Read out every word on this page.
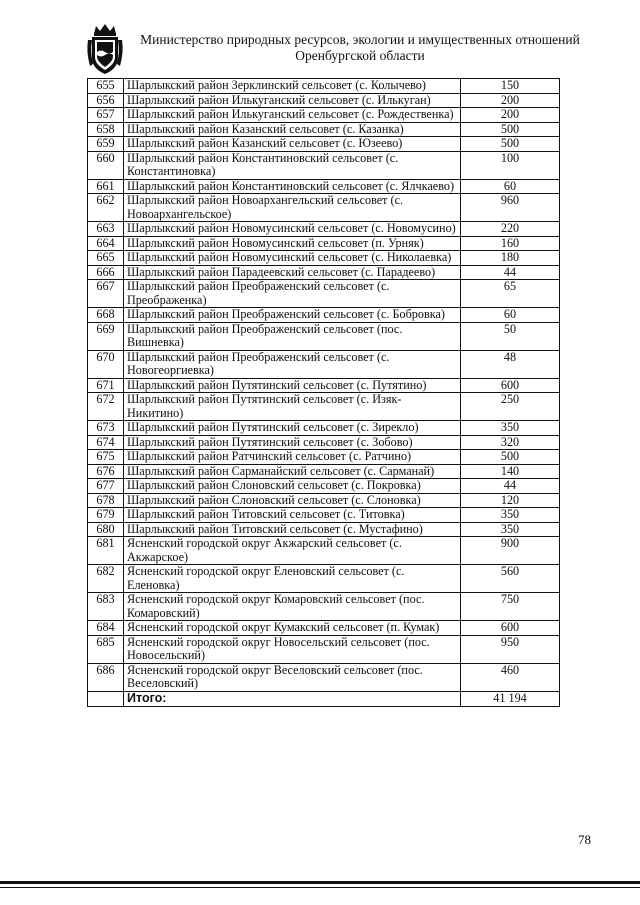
Министерство природных ресурсов, экологии и имущественных отношений
Оренбургской области
655	Шарлыкский район Зерклинский сельсовет (с. Колычево)	150
656	Шарлыкский район Илькуганский сельсовет (с. Илькуган)	200
657	Шарлыкский район Илькуганский сельсовет (с. Рождественка)	200
658	Шарлыкский район Казанский сельсовет (с. Казанка)	500
659	Шарлыкский район Казанский сельсовет (с. Юзеево)	500
660	Шарлыкский район Константиновский сельсовет (с. Константиновка)	100
661	Шарлыкский район Константиновский сельсовет (с. Ялчкаево)	60
662	Шарлыкский район Новоархангельский сельсовет (с. Новоархангельское)	960
663	Шарлыкский район Новомусинский сельсовет (с. Новомусино)	220
664	Шарлыкский район Новомусинский сельсовет (п. Урняк)	160
665	Шарлыкский район Новомусинский сельсовет (с. Николаевка)	180
666	Шарлыкский район Парадеевский сельсовет (с. Парадеево)	44
667	Шарлыкский район Преображенский сельсовет (с. Преображенка)	65
668	Шарлыкский район Преображенский сельсовет (с. Бобровка)	60
669	Шарлыкский район Преображенский сельсовет (пос. Вишневка)	50
670	Шарлыкский район Преображенский сельсовет (с. Новогеоргиевка)	48
671	Шарлыкский район Путятинский сельсовет (с. Путятино)	600
672	Шарлыкский район Путятинский сельсовет (с. Изяк-Никитино)	250
673	Шарлыкский район Путятинский сельсовет (с. Зирекло)	350
674	Шарлыкский район Путятинский сельсовет (с. Зобово)	320
675	Шарлыкский район Ратчинский сельсовет (с. Ратчино)	500
676	Шарлыкский район Сарманайский сельсовет (с. Сарманай)	140
677	Шарлыкский район Слоновский сельсовет (с. Покровка)	44
678	Шарлыкский район Слоновский сельсовет (с. Слоновка)	120
679	Шарлыкский район Титовский сельсовет (с. Титовка)	350
680	Шарлыкский район Титовский сельсовет (с. Мустафино)	350
681	Ясненский городской округ Акжарский сельсовет (с. Акжарское)	900
682	Ясненский городской округ Еленовский сельсовет (с. Еленовка)	560
683	Ясненский городской округ Комаровский сельсовет (пос. Комаровский)	750
684	Ясненский городской округ Кумакский сельсовет (п. Кумак)	600
685	Ясненский городской округ Новосельский сельсовет (пос. Новосельский)	950
686	Ясненский городской округ Веселовский сельсовет (пос. Веселовский)	460
	Итого:	41 194
78
